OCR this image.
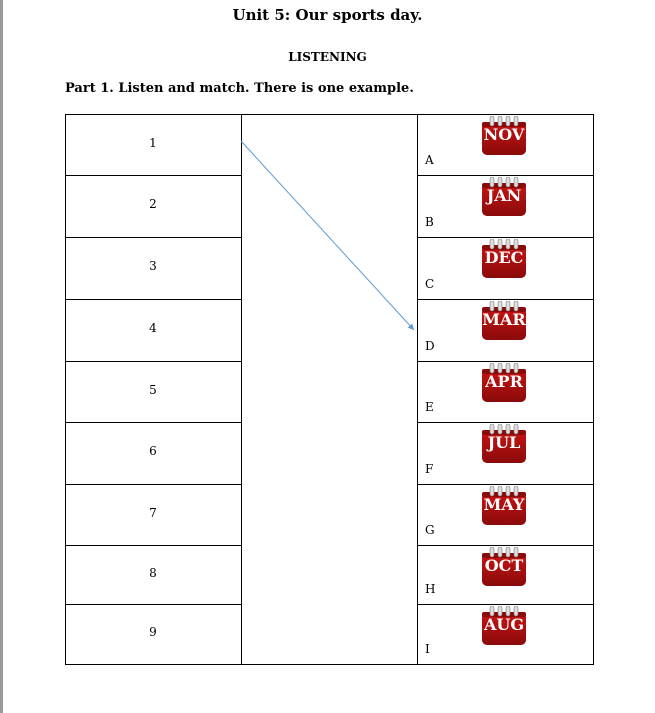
Unit 5: Our sports day.
LISTENING
Part 1. Listen and match. There is one example.
1
A
NOV
2
B
JAN
3
C
DEC
4
D
MAR
5
E
APR
6
F
JUL
7
G
MAY
8
H
OCT
9
I
AUG
